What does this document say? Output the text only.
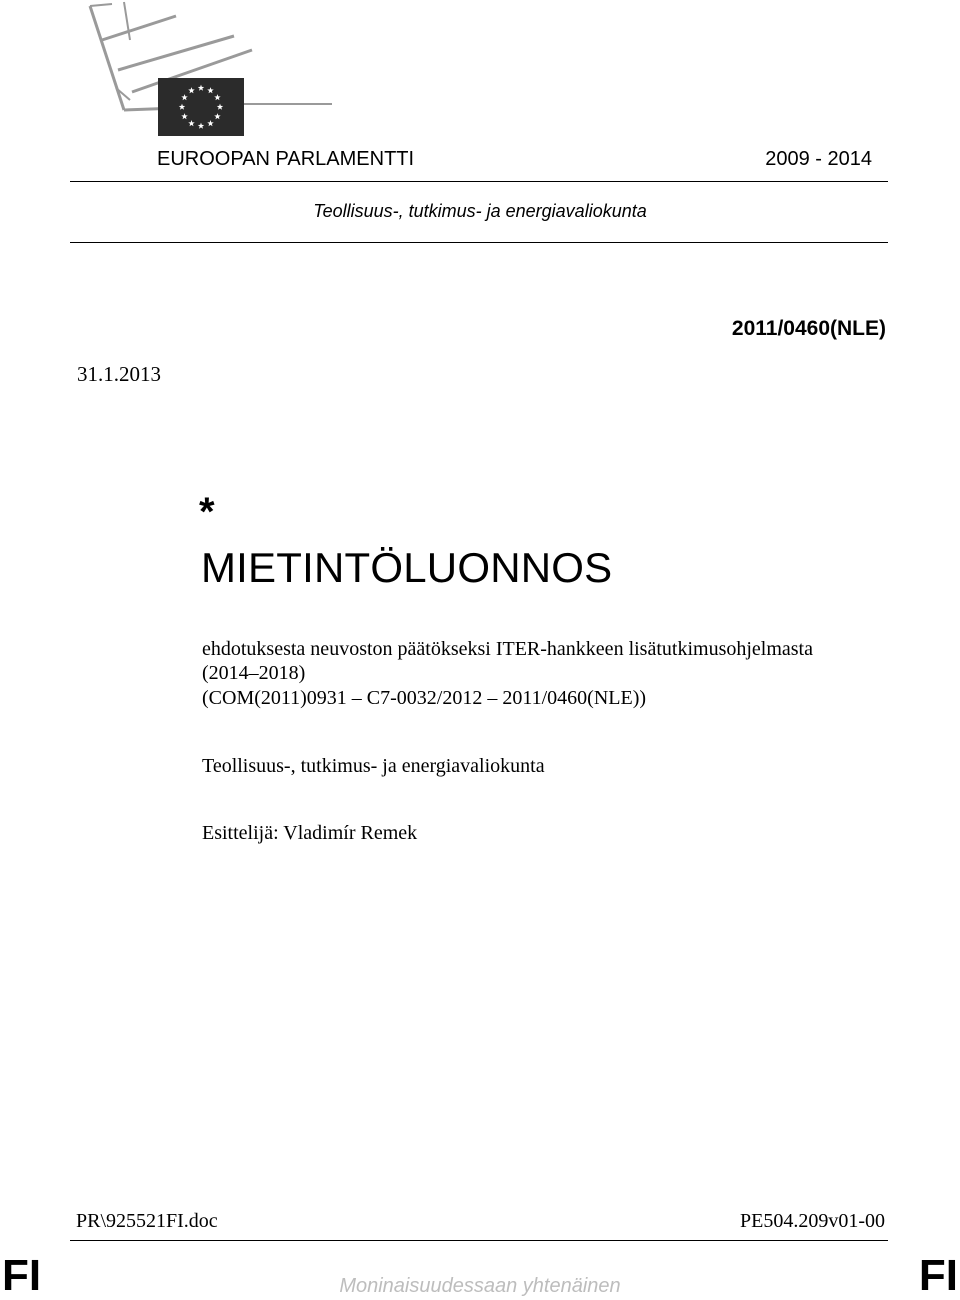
EUROOPAN PARLAMENTTI	2009 - 2014
Teollisuus-, tutkimus- ja energiavaliokunta
2011/0460(NLE)
31.1.2013
*
MIETINTÖLUONNOS
ehdotuksesta neuvoston päätökseksi ITER-hankkeen lisätutkimusohjelmasta
(2014–2018)
(COM(2011)0931 – C7-0032/2012 – 2011/0460(NLE))
Teollisuus-, tutkimus- ja energiavaliokunta
Esittelijä: Vladimír Remek
PR\925521FI.doc	PE504.209v01-00
FI	Moninaisuudessaan yhtenäinen	FI
